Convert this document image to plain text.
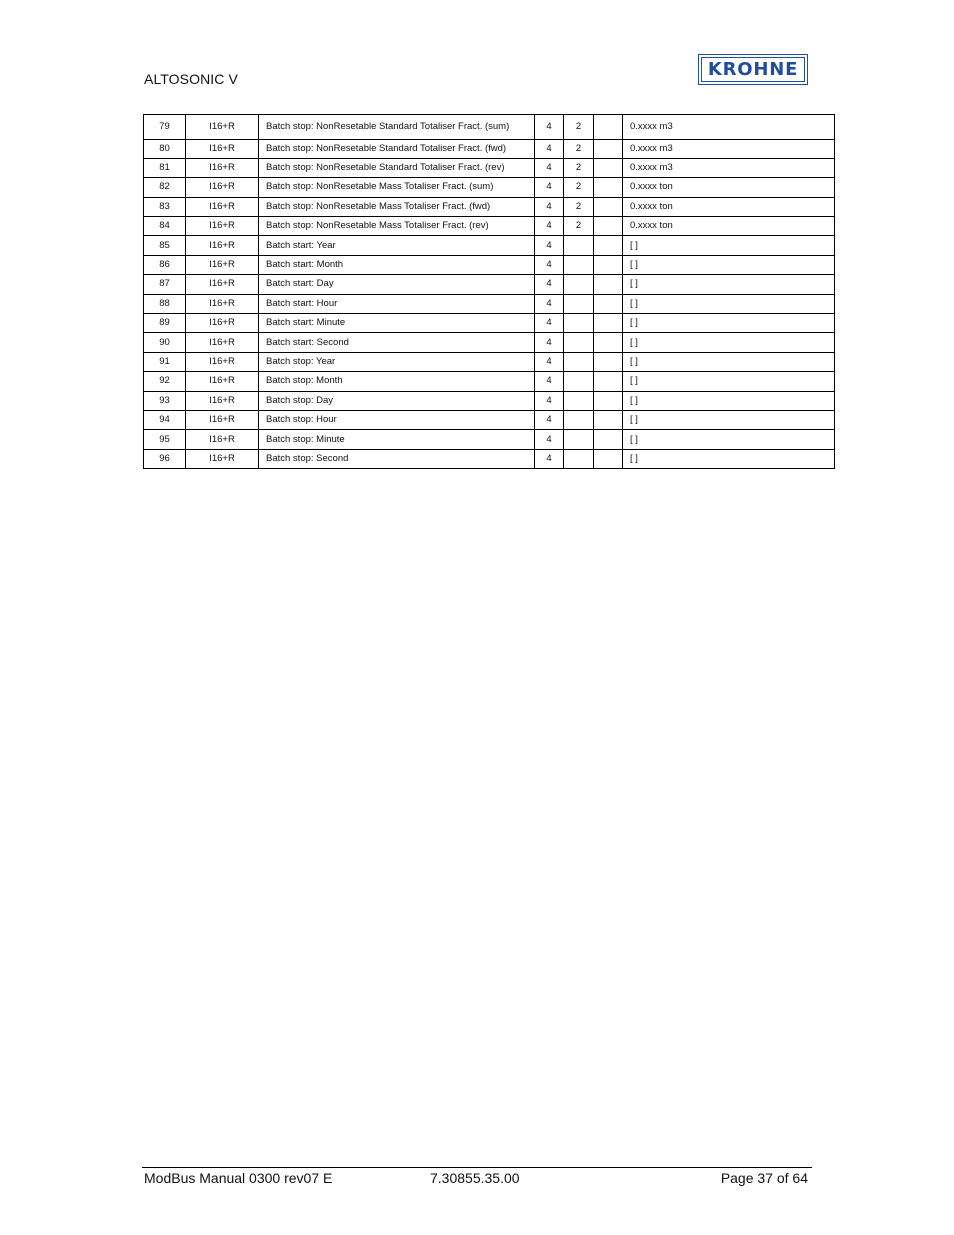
ALTOSONIC V	KROHNE
79	I16+R	Batch stop: NonResetable Standard Totaliser Fract. (sum)	4	2		0.xxxx m3
80	I16+R	Batch stop: NonResetable Standard Totaliser Fract. (fwd)	4	2		0.xxxx m3
81	I16+R	Batch stop: NonResetable Standard Totaliser Fract. (rev)	4	2		0.xxxx m3
82	I16+R	Batch stop: NonResetable Mass Totaliser Fract. (sum)	4	2		0.xxxx ton
83	I16+R	Batch stop: NonResetable Mass Totaliser Fract. (fwd)	4	2		0.xxxx ton
84	I16+R	Batch stop: NonResetable Mass Totaliser Fract. (rev)	4	2		0.xxxx ton
85	I16+R	Batch start: Year	4			[ ]
86	I16+R	Batch start: Month	4			[ ]
87	I16+R	Batch start: Day	4			[ ]
88	I16+R	Batch start: Hour	4			[ ]
89	I16+R	Batch start: Minute	4			[ ]
90	I16+R	Batch start: Second	4			[ ]
91	I16+R	Batch stop: Year	4			[ ]
92	I16+R	Batch stop: Month	4			[ ]
93	I16+R	Batch stop: Day	4			[ ]
94	I16+R	Batch stop: Hour	4			[ ]
95	I16+R	Batch stop: Minute	4			[ ]
96	I16+R	Batch stop: Second	4			[ ]
ModBus Manual 0300 rev07 E	7.30855.35.00	Page 37 of 64
